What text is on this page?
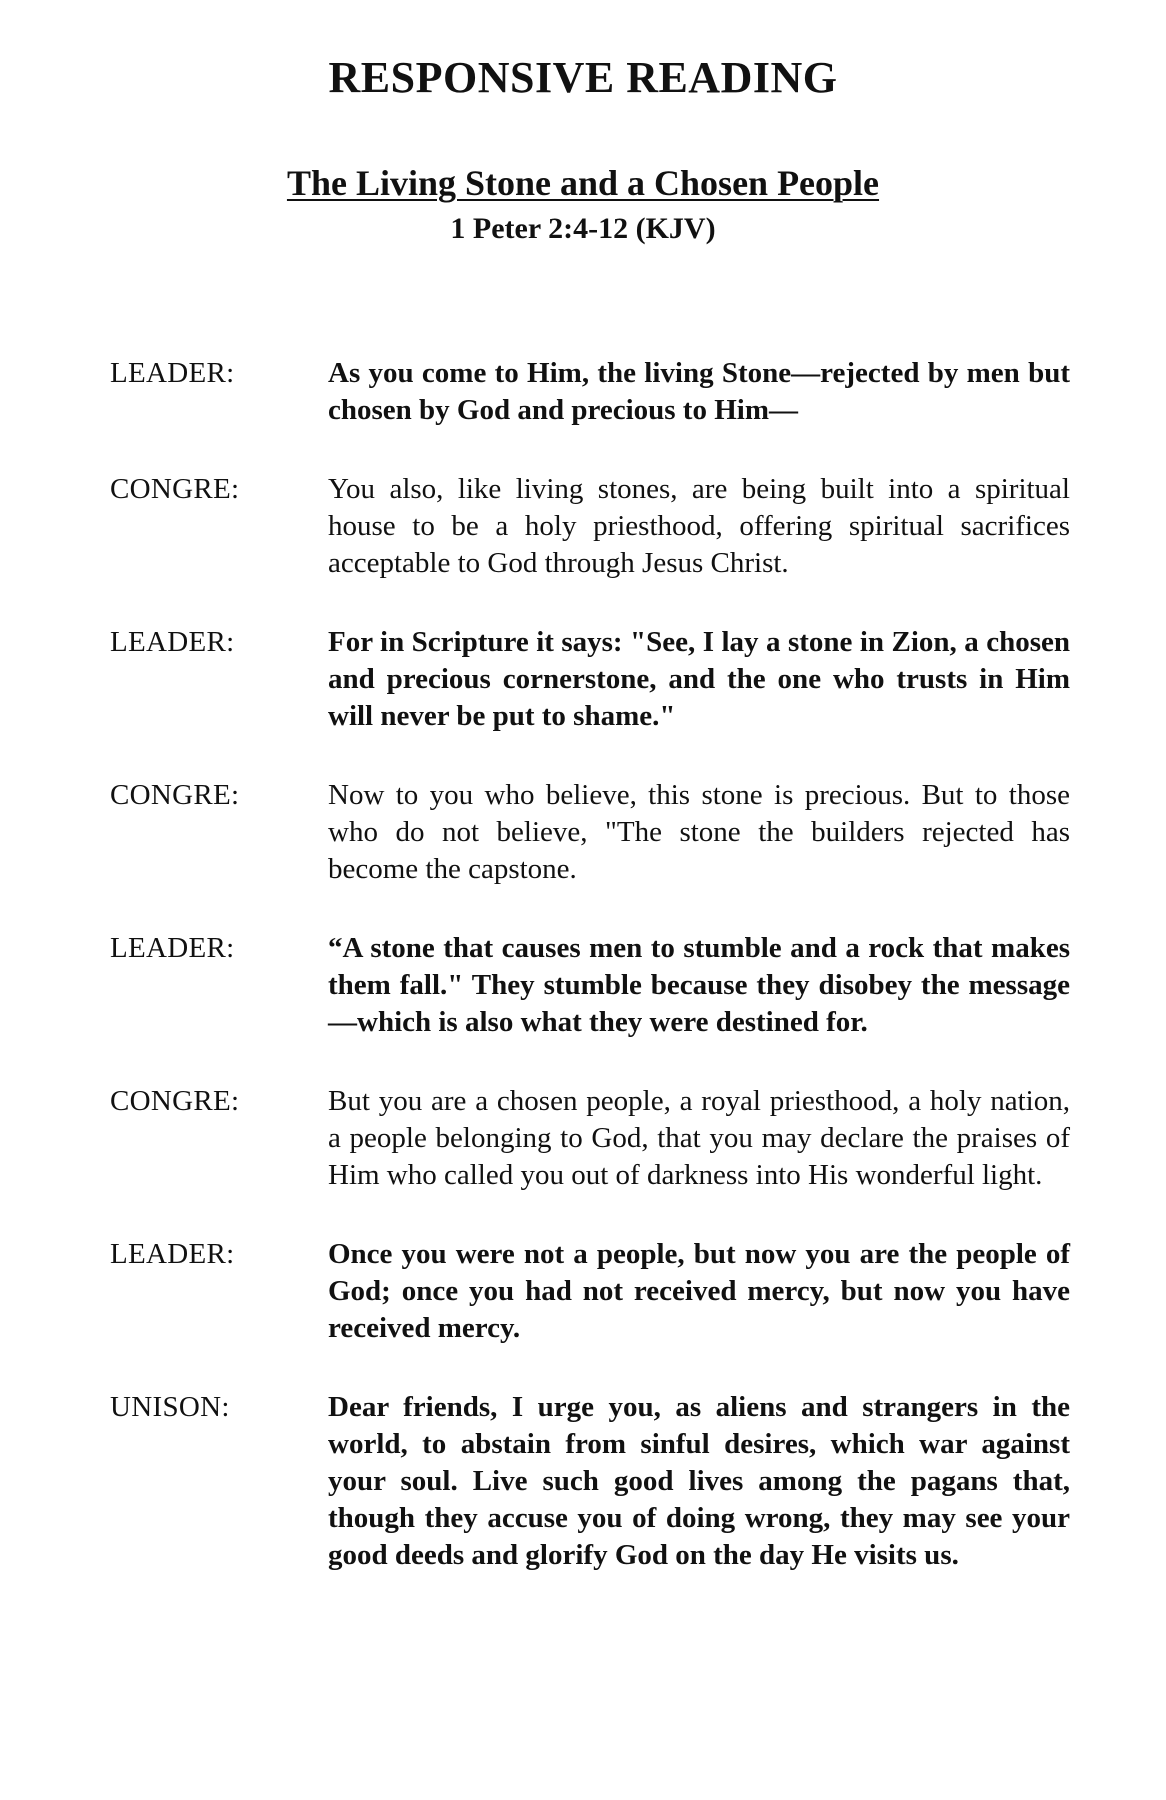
RESPONSIVE READING
The Living Stone and a Chosen People
1 Peter 2:4-12 (KJV)
LEADER:	As you come to Him, the living Stone—rejected by men but chosen by God and precious to Him—
CONGRE:	You also, like living stones, are being built into a spiritual house to be a holy priesthood, offering spiritual sacrifices acceptable to God through Jesus Christ.
LEADER:	For in Scripture it says: "See, I lay a stone in Zion, a chosen and precious cornerstone, and the one who trusts in Him will never be put to shame."
CONGRE:	Now to you who believe, this stone is precious. But to those who do not believe, "The stone the builders rejected has become the capstone.
LEADER:	“A stone that causes men to stumble and a rock that makes them fall." They stumble because they disobey the message—which is also what they were destined for.
CONGRE:	But you are a chosen people, a royal priesthood, a holy nation, a people belonging to God, that you may declare the praises of Him who called you out of darkness into His wonderful light.
LEADER:	Once you were not a people, but now you are the people of God; once you had not received mercy, but now you have received mercy.
UNISON:	Dear friends, I urge you, as aliens and strangers in the world, to abstain from sinful desires, which war against your soul. Live such good lives among the pagans that, though they accuse you of doing wrong, they may see your good deeds and glorify God on the day He visits us.
